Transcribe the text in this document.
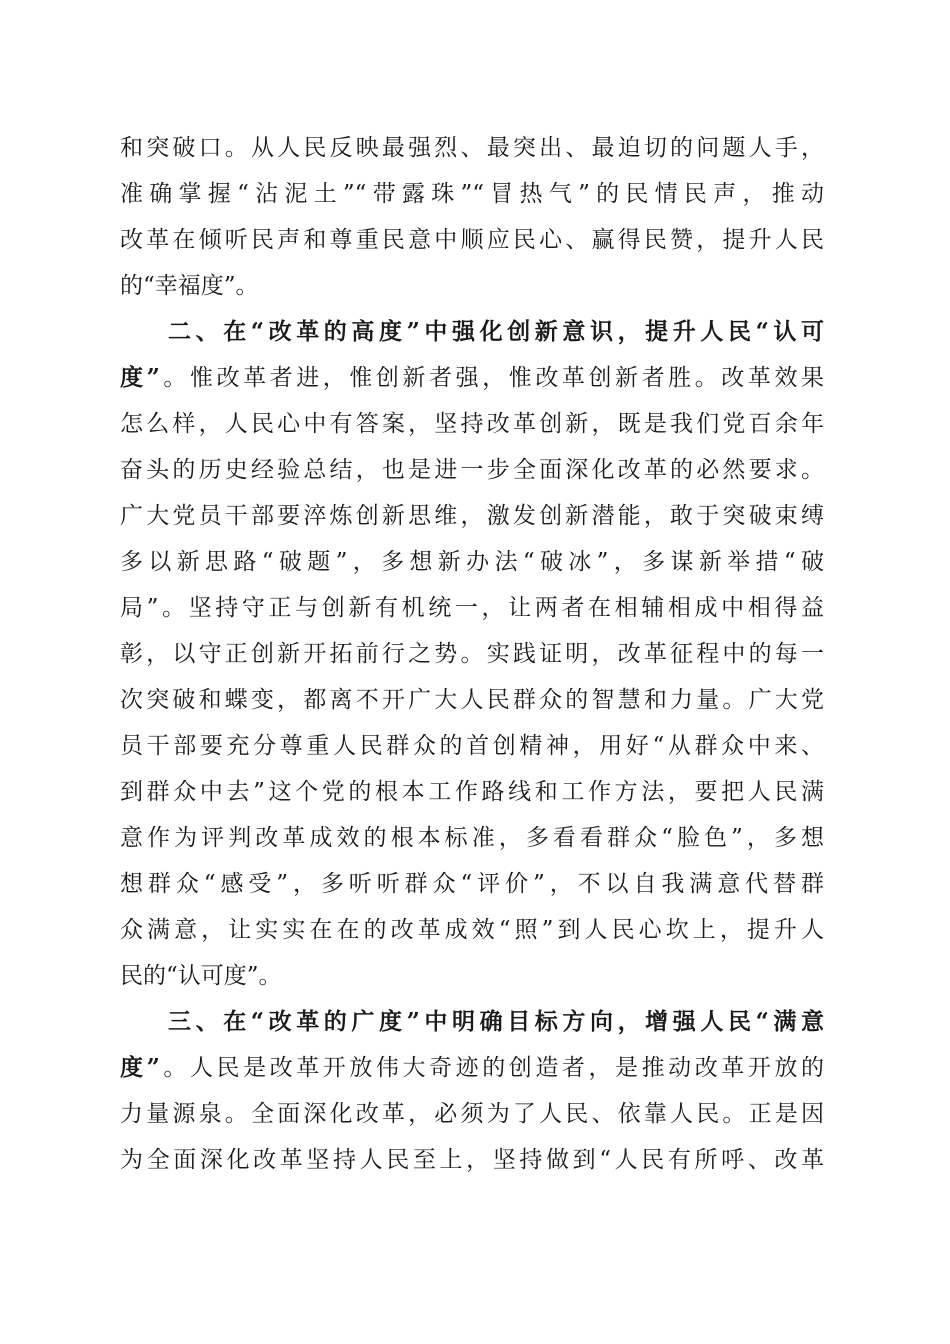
和突破口。从人民反映最强烈、最突出、最迫切的问题人手，
准确掌握“沾泥土”“带露珠”“冒热气”的民情民声，推动
改革在倾听民声和尊重民意中顺应民心、赢得民赞，提升人民
的“幸福度”。
二、在“改革的高度”中强化创新意识，提升人民“认可
度”。惟改革者进，惟创新者强，惟改革创新者胜。改革效果
怎么样，人民心中有答案，坚持改革创新，既是我们党百余年
奋头的历史经验总结，也是进一步全面深化改革的必然要求。
广大党员干部要淬炼创新思维，激发创新潜能，敢于突破束缚
多以新思路“破题”，多想新办法“破冰”，多谋新举措“破
局”。坚持守正与创新有机统一，让两者在相辅相成中相得益
彰，以守正创新开拓前行之势。实践证明，改革征程中的每一
次突破和蝶变，都离不开广大人民群众的智慧和力量。广大党
员干部要充分尊重人民群众的首创精神，用好“从群众中来、
到群众中去”这个党的根本工作路线和工作方法，要把人民满
意作为评判改革成效的根本标准，多看看群众“脸色”，多想
想群众“感受”，多听听群众“评价”，不以自我满意代替群
众满意，让实实在在的改革成效“照”到人民心坎上，提升人
民的“认可度”。
三、在“改革的广度”中明确目标方向，增强人民“满意
度”。人民是改革开放伟大奇迹的创造者，是推动改革开放的
力量源泉。全面深化改革，必须为了人民、依靠人民。正是因
为全面深化改革坚持人民至上，坚持做到“人民有所呼、改革
